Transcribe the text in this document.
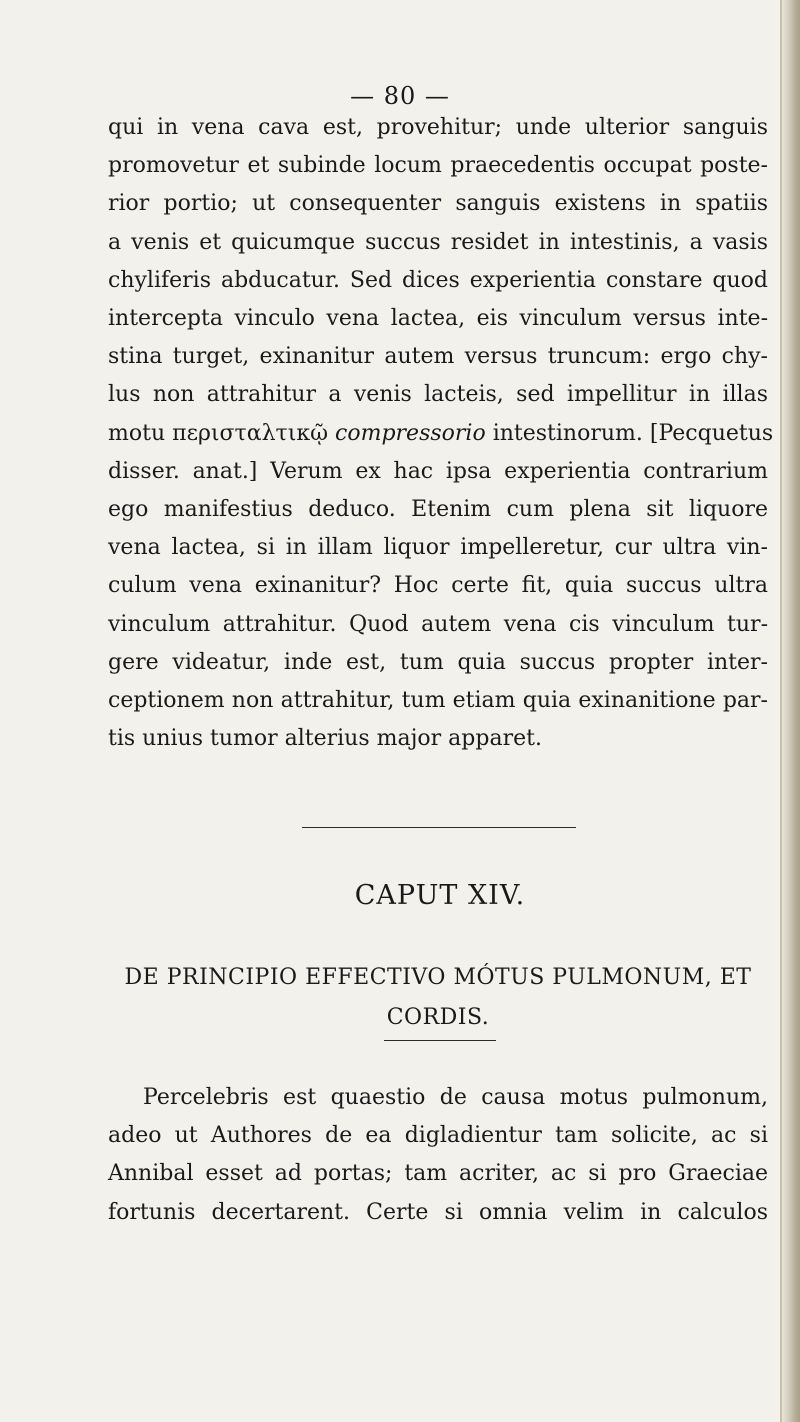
— 80 —
qui in vena cava est, provehitur; unde ulterior sanguis
promovetur et subinde locum praecedentis occupat poste-
rior portio; ut consequenter sanguis existens in spatiis
a venis et quicumque succus residet in intestinis, a vasis
chyliferis abducatur. Sed dices experientia constare quod
intercepta vinculo vena lactea, eis vinculum versus inte-
stina turget, exinanitur autem versus truncum: ergo chy-
lus non attrahitur a venis lacteis, sed impellitur in illas
motu περισταλτικῷ compressorio intestinorum. [Pecquetus
disser. anat.] Verum ex hac ipsa experientia contrarium
ego manifestius deduco. Etenim cum plena sit liquore
vena lactea, si in illam liquor impelleretur, cur ultra vin-
culum vena exinanitur? Hoc certe fit, quia succus ultra
vinculum attrahitur. Quod autem vena cis vinculum tur-
gere videatur, inde est, tum quia succus propter inter-
ceptionem non attrahitur, tum etiam quia exinanitione par-
tis unius tumor alterius major apparet.
CAPUT XIV.
DE PRINCIPIO EFFECTIVO MÓTUS PULMONUM, ET
CORDIS.
Percelebris est quaestio de causa motus pulmonum,
adeo ut Authores de ea digladientur tam solicite, ac si
Annibal esset ad portas; tam acriter, ac si pro Graeciae
fortunis decertarent. Certe si omnia velim in calculos
